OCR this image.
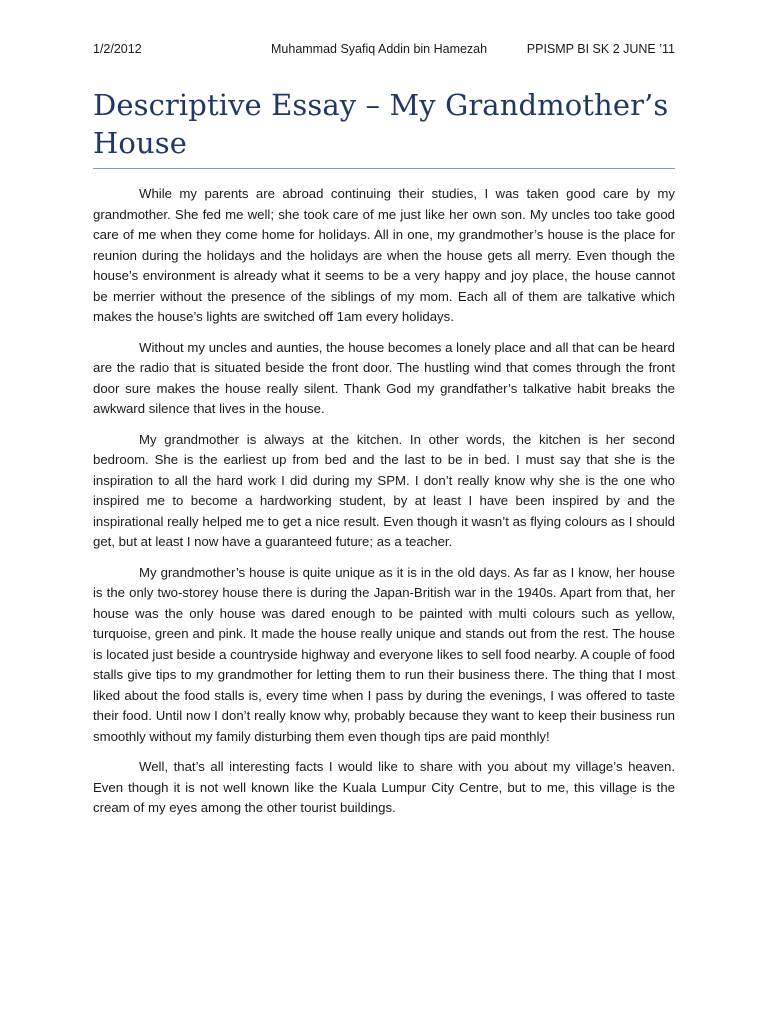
1/2/2012	Muhammad Syafiq Addin bin Hamezah	PPISMP BI SK 2 JUNE ’11
Descriptive Essay – My Grandmother’s House

While my parents are abroad continuing their studies, I was taken good care by my grandmother. She fed me well; she took care of me just like her own son. My uncles too take good care of me when they come home for holidays. All in one, my grandmother’s house is the place for reunion during the holidays and the holidays are when the house gets all merry. Even though the house’s environment is already what it seems to be a very happy and joy place, the house cannot be merrier without the presence of the siblings of my mom. Each all of them are talkative which makes the house’s lights are switched off 1am every holidays.

Without my uncles and aunties, the house becomes a lonely place and all that can be heard are the radio that is situated beside the front door. The hustling wind that comes through the front door sure makes the house really silent. Thank God my grandfather’s talkative habit breaks the awkward silence that lives in the house.

My grandmother is always at the kitchen. In other words, the kitchen is her second bedroom. She is the earliest up from bed and the last to be in bed. I must say that she is the inspiration to all the hard work I did during my SPM. I don’t really know why she is the one who inspired me to become a hardworking student, by at least I have been inspired by and the inspirational really helped me to get a nice result. Even though it wasn’t as flying colours as I should get, but at least I now have a guaranteed future; as a teacher.

My grandmother’s house is quite unique as it is in the old days. As far as I know, her house is the only two-storey house there is during the Japan-British war in the 1940s. Apart from that, her house was the only house was dared enough to be painted with multi colours such as yellow, turquoise, green and pink. It made the house really unique and stands out from the rest. The house is located just beside a countryside highway and everyone likes to sell food nearby. A couple of food stalls give tips to my grandmother for letting them to run their business there. The thing that I most liked about the food stalls is, every time when I pass by during the evenings, I was offered to taste their food. Until now I don’t really know why, probably because they want to keep their business run smoothly without my family disturbing them even though tips are paid monthly!

Well, that’s all interesting facts I would like to share with you about my village’s heaven. Even though it is not well known like the Kuala Lumpur City Centre, but to me, this village is the cream of my eyes among the other tourist buildings.
